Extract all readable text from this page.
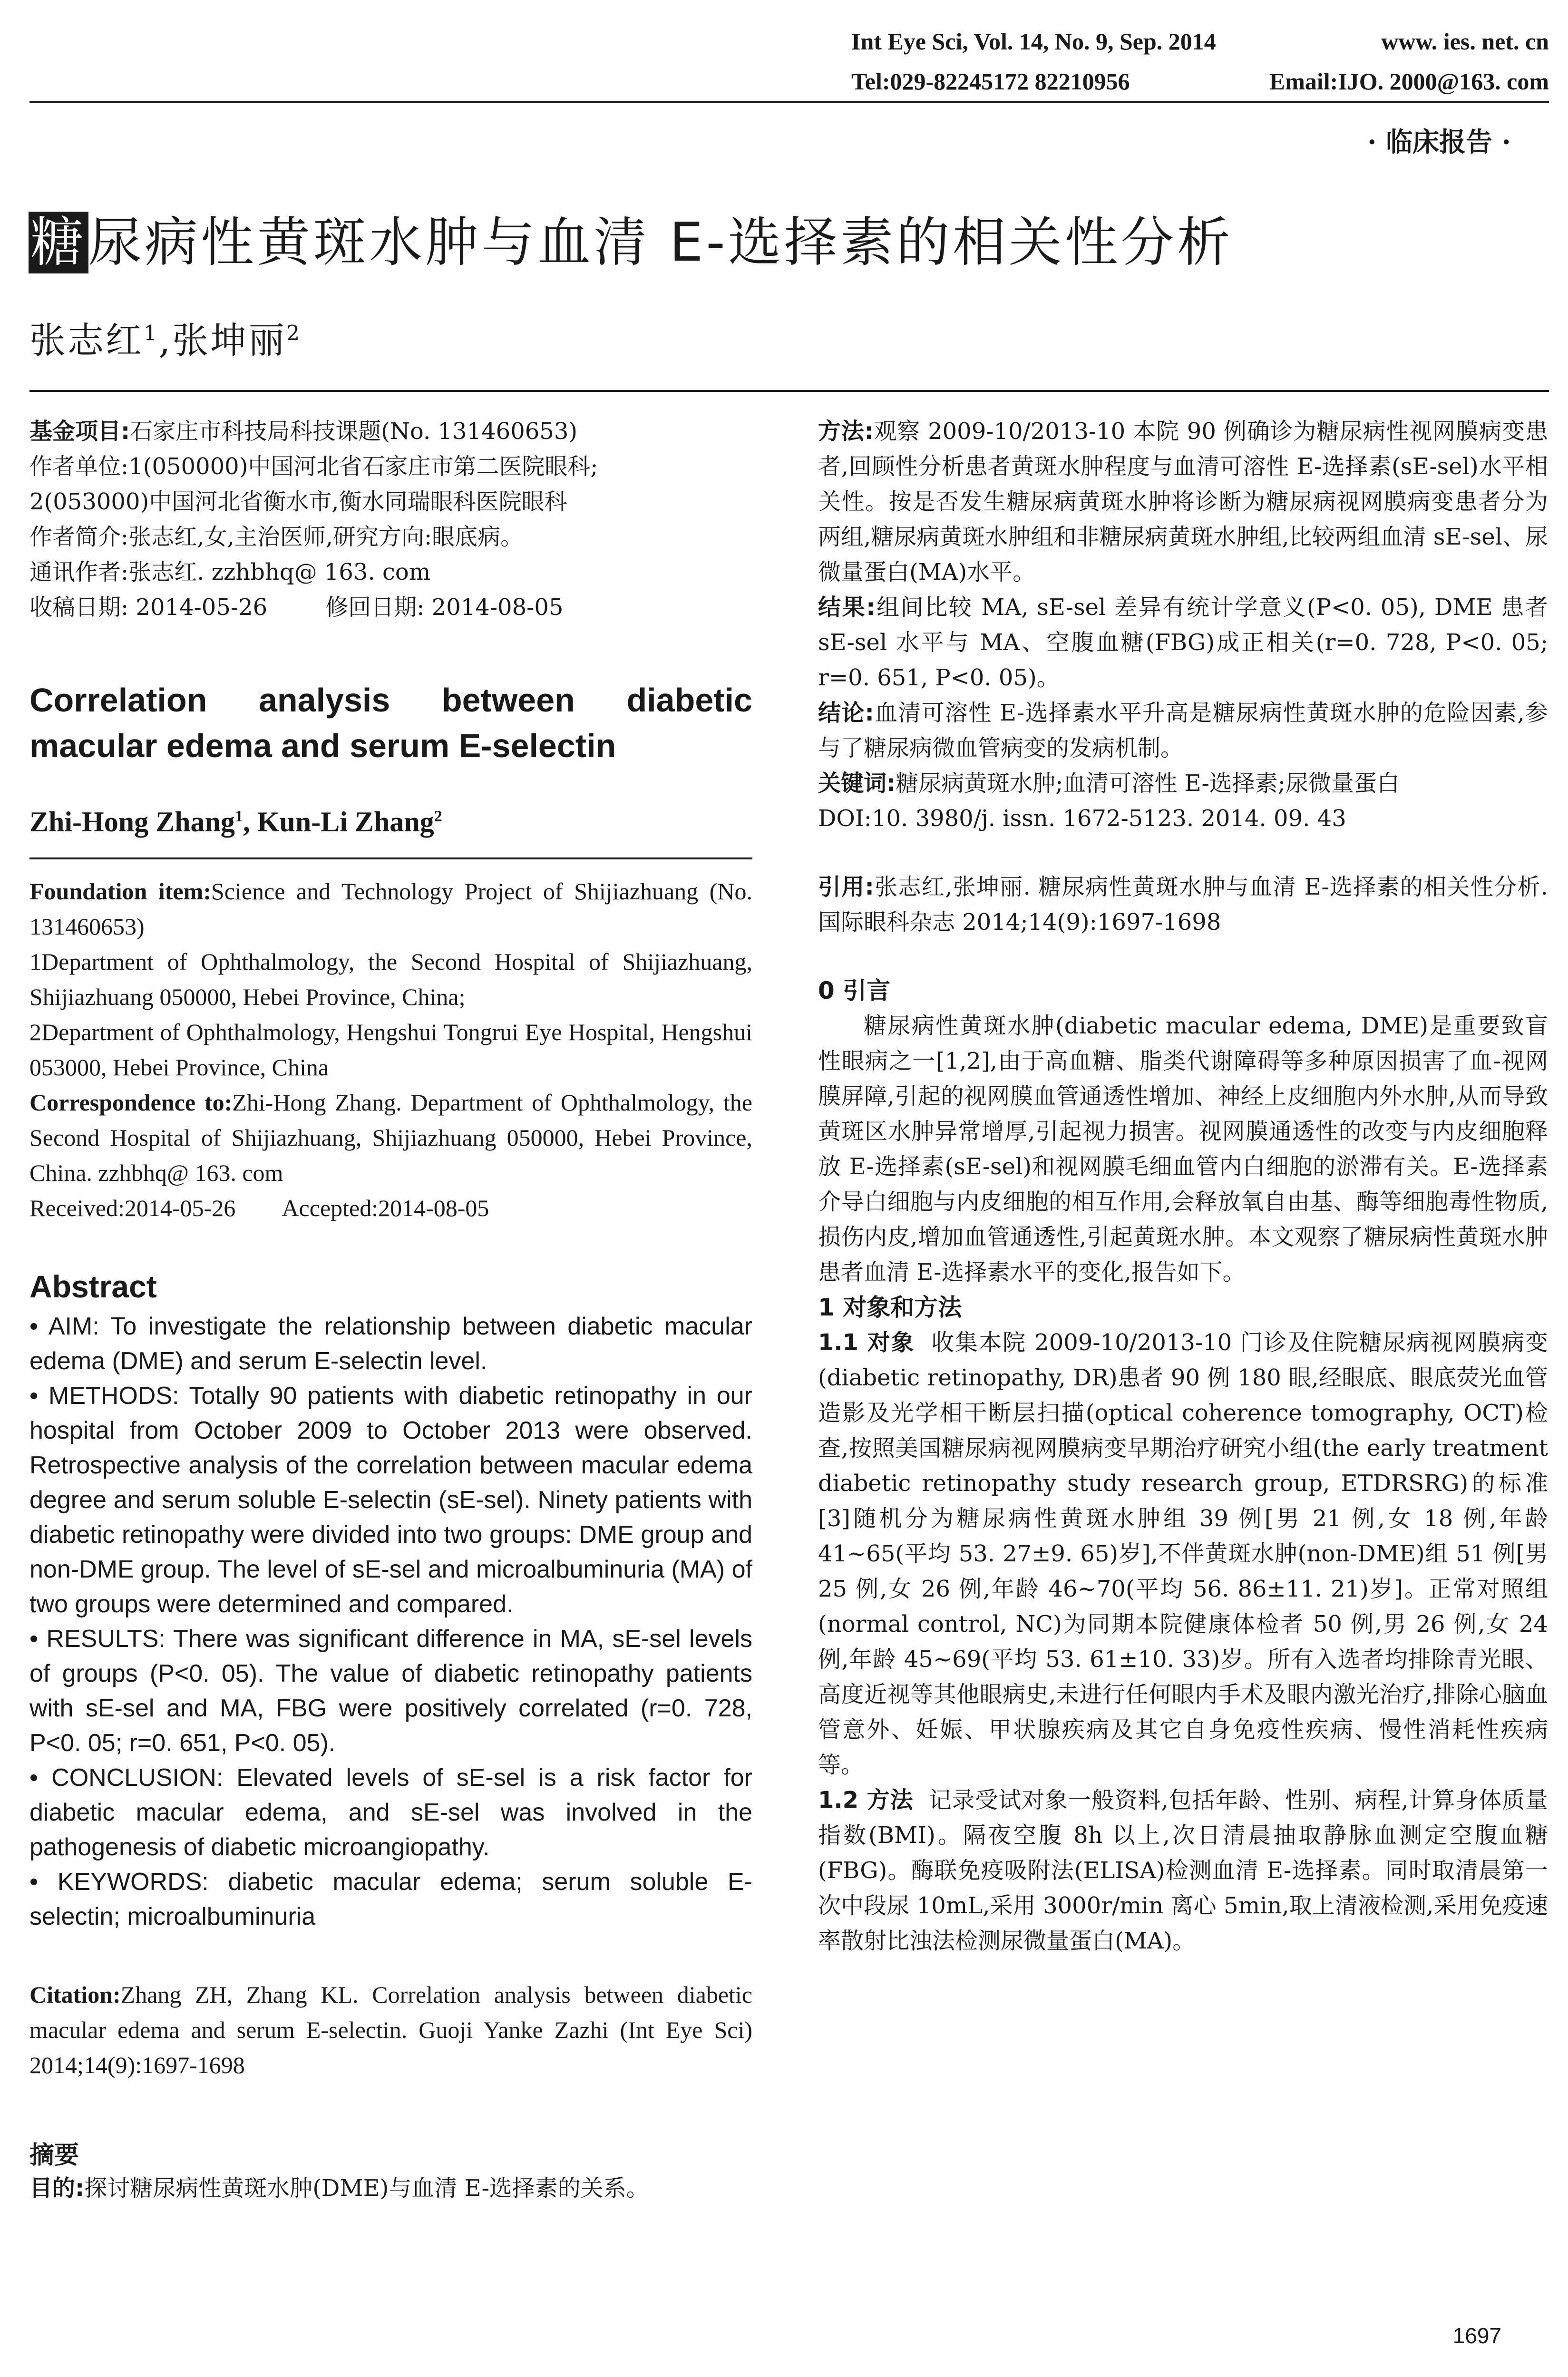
Int Eye Sci, Vol. 14, No. 9, Sep. 2014	www. ies. net. cn
Tel:029-82245172 82210956	Email:IJO. 2000@163. com
· 临床报告 ·
糖尿病性黄斑水肿与血清 E-选择素的相关性分析
张志红$^1$,张坤丽$^2$

基金项目:石家庄市科技局科技课题(No. 131460653)

作者单位:1(050000)中国河北省石家庄市第二医院眼科;

2(053000)中国河北省衡水市,衡水同瑞眼科医院眼科

作者简介:张志红,女,主治医师,研究方向:眼底病。

通讯作者:张志红. zzhbhq@ 163. com

收稿日期: 2014-05-26        修回日期: 2014-08-05

Correlation analysis between diabetic macular edema and serum E-selectin
Zhi-Hong Zhang$^1$, Kun-Li Zhang$^2$

Foundation item:Science and Technology Project of Shijiazhuang (No. 131460653)

1Department of Ophthalmology, the Second Hospital of Shijiazhuang, Shijiazhuang 050000, Hebei Province, China;

2Department of Ophthalmology, Hengshui Tongrui Eye Hospital, Hengshui 053000, Hebei Province, China

Correspondence to:Zhi-Hong Zhang. Department of Ophthalmology, the Second Hospital of Shijiazhuang, Shijiazhuang 050000, Hebei Province, China. zzhbhq@ 163. com

Received:2014-05-26        Accepted:2014-08-05

Abstract

• AIM: To investigate the relationship between diabetic macular edema (DME) and serum E-selectin level.

• METHODS: Totally 90 patients with diabetic retinopathy in our hospital from October 2009 to October 2013 were observed. Retrospective analysis of the correlation between macular edema degree and serum soluble E-selectin (sE-sel). Ninety patients with diabetic retinopathy were divided into two groups: DME group and non-DME group. The level of sE-sel and microalbuminuria (MA) of two groups were determined and compared.

• RESULTS: There was significant difference in MA, sE-sel levels of groups (P<0. 05). The value of diabetic retinopathy patients with sE-sel and MA, FBG were positively correlated (r=0. 728, P<0. 05; r=0. 651, P<0. 05).

• CONCLUSION: Elevated levels of sE-sel is a risk factor for diabetic macular edema, and sE-sel was involved in the pathogenesis of diabetic microangiopathy.

• KEYWORDS: diabetic macular edema; serum soluble E-selectin; microalbuminuria

Citation:Zhang ZH, Zhang KL. Correlation analysis between diabetic macular edema and serum E-selectin. Guoji Yanke Zazhi (Int Eye Sci) 2014;14(9):1697-1698

摘要

目的:探讨糖尿病性黄斑水肿(DME)与血清 E-选择素的关系。

方法:观察 2009-10/2013-10 本院 90 例确诊为糖尿病性视网膜病变患者,回顾性分析患者黄斑水肿程度与血清可溶性 E-选择素(sE-sel)水平相关性。按是否发生糖尿病黄斑水肿将诊断为糖尿病视网膜病变患者分为两组,糖尿病黄斑水肿组和非糖尿病黄斑水肿组,比较两组血清 sE-sel、尿微量蛋白(MA)水平。

结果:组间比较 MA, sE-sel 差异有统计学意义(P<0. 05), DME 患者 sE-sel 水平与 MA、空腹血糖(FBG)成正相关(r=0. 728, P<0. 05; r=0. 651, P<0. 05)。

结论:血清可溶性 E-选择素水平升高是糖尿病性黄斑水肿的危险因素,参与了糖尿病微血管病变的发病机制。

关键词:糖尿病黄斑水肿;血清可溶性 E-选择素;尿微量蛋白

DOI:10. 3980/j. issn. 1672-5123. 2014. 09. 43

引用:张志红,张坤丽. 糖尿病性黄斑水肿与血清 E-选择素的相关性分析. 国际眼科杂志 2014;14(9):1697-1698

0 引言

糖尿病性黄斑水肿(diabetic macular edema, DME)是重要致盲性眼病之一[1,2],由于高血糖、脂类代谢障碍等多种原因损害了血-视网膜屏障,引起的视网膜血管通透性增加、神经上皮细胞内外水肿,从而导致黄斑区水肿异常增厚,引起视力损害。视网膜通透性的改变与内皮细胞释放 E-选择素(sE-sel)和视网膜毛细血管内白细胞的淤滞有关。E-选择素介导白细胞与内皮细胞的相互作用,会释放氧自由基、酶等细胞毒性物质,损伤内皮,增加血管通透性,引起黄斑水肿。本文观察了糖尿病性黄斑水肿患者血清 E-选择素水平的变化,报告如下。

1 对象和方法

1.1 对象 收集本院 2009-10/2013-10 门诊及住院糖尿病视网膜病变(diabetic retinopathy, DR)患者 90 例 180 眼,经眼底、眼底荧光血管造影及光学相干断层扫描(optical coherence tomography, OCT)检查,按照美国糖尿病视网膜病变早期治疗研究小组(the early treatment diabetic retinopathy study research group, ETDRSRG)的标准[3]随机分为糖尿病性黄斑水肿组 39 例[男 21 例,女 18 例,年龄 41~65(平均 53. 27±9. 65)岁],不伴黄斑水肿(non-DME)组 51 例[男 25 例,女 26 例,年龄 46~70(平均 56. 86±11. 21)岁]。正常对照组(normal control, NC)为同期本院健康体检者 50 例,男 26 例,女 24 例,年龄 45~69(平均 53. 61±10. 33)岁。所有入选者均排除青光眼、高度近视等其他眼病史,未进行任何眼内手术及眼内激光治疗,排除心脑血管意外、妊娠、甲状腺疾病及其它自身免疫性疾病、慢性消耗性疾病等。

1.2 方法 记录受试对象一般资料,包括年龄、性别、病程,计算身体质量指数(BMI)。隔夜空腹 8h 以上,次日清晨抽取静脉血测定空腹血糖(FBG)。酶联免疫吸附法(ELISA)检测血清 E-选择素。同时取清晨第一次中段尿 10mL,采用 3000r/min 离心 5min,取上清液检测,采用免疫速率散射比浊法检测尿微量蛋白(MA)。

1697
